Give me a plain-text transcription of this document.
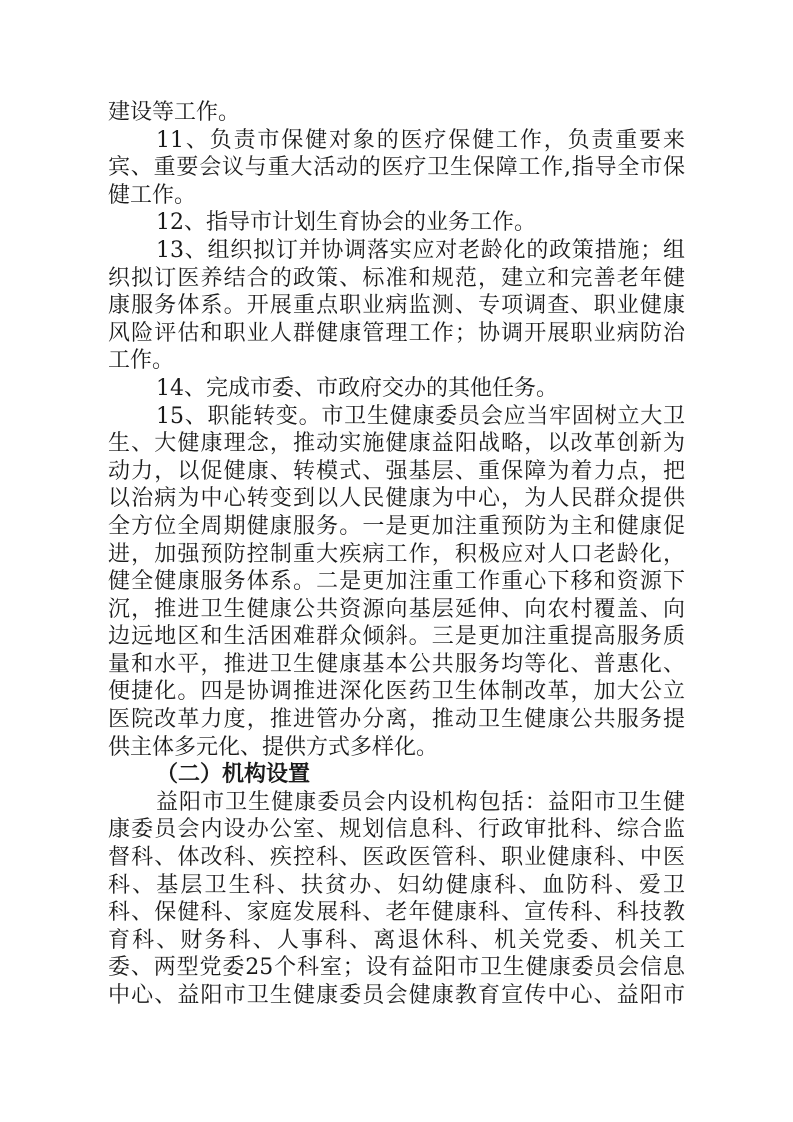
建设等工作。
11、负责市保健对象的医疗保健工作，负责重要来
宾、重要会议与重大活动的医疗卫生保障工作,指导全市保
健工作。
12、指导市计划生育协会的业务工作。
13、组织拟订并协调落实应对老龄化的政策措施；组
织拟订医养结合的政策、标准和规范，建立和完善老年健
康服务体系。开展重点职业病监测、专项调查、职业健康
风险评估和职业人群健康管理工作；协调开展职业病防治
工作。
14、完成市委、市政府交办的其他任务。
15、职能转变。市卫生健康委员会应当牢固树立大卫
生、大健康理念，推动实施健康益阳战略，以改革创新为
动力，以促健康、转模式、强基层、重保障为着力点，把
以治病为中心转变到以人民健康为中心，为人民群众提供
全方位全周期健康服务。一是更加注重预防为主和健康促
进，加强预防控制重大疾病工作，积极应对人口老龄化，
健全健康服务体系。二是更加注重工作重心下移和资源下
沉，推进卫生健康公共资源向基层延伸、向农村覆盖、向
边远地区和生活困难群众倾斜。三是更加注重提高服务质
量和水平，推进卫生健康基本公共服务均等化、普惠化、
便捷化。四是协调推进深化医药卫生体制改革，加大公立
医院改革力度，推进管办分离，推动卫生健康公共服务提
供主体多元化、提供方式多样化。
（二）机构设置
益阳市卫生健康委员会内设机构包括：益阳市卫生健
康委员会内设办公室、规划信息科、行政审批科、综合监
督科、体改科、疾控科、医政医管科、职业健康科、中医
科、基层卫生科、扶贫办、妇幼健康科、血防科、爱卫
科、保健科、家庭发展科、老年健康科、宣传科、科技教
育科、财务科、人事科、离退休科、机关党委、机关工
委、两型党委25个科室；设有益阳市卫生健康委员会信息
中心、益阳市卫生健康委员会健康教育宣传中心、益阳市
